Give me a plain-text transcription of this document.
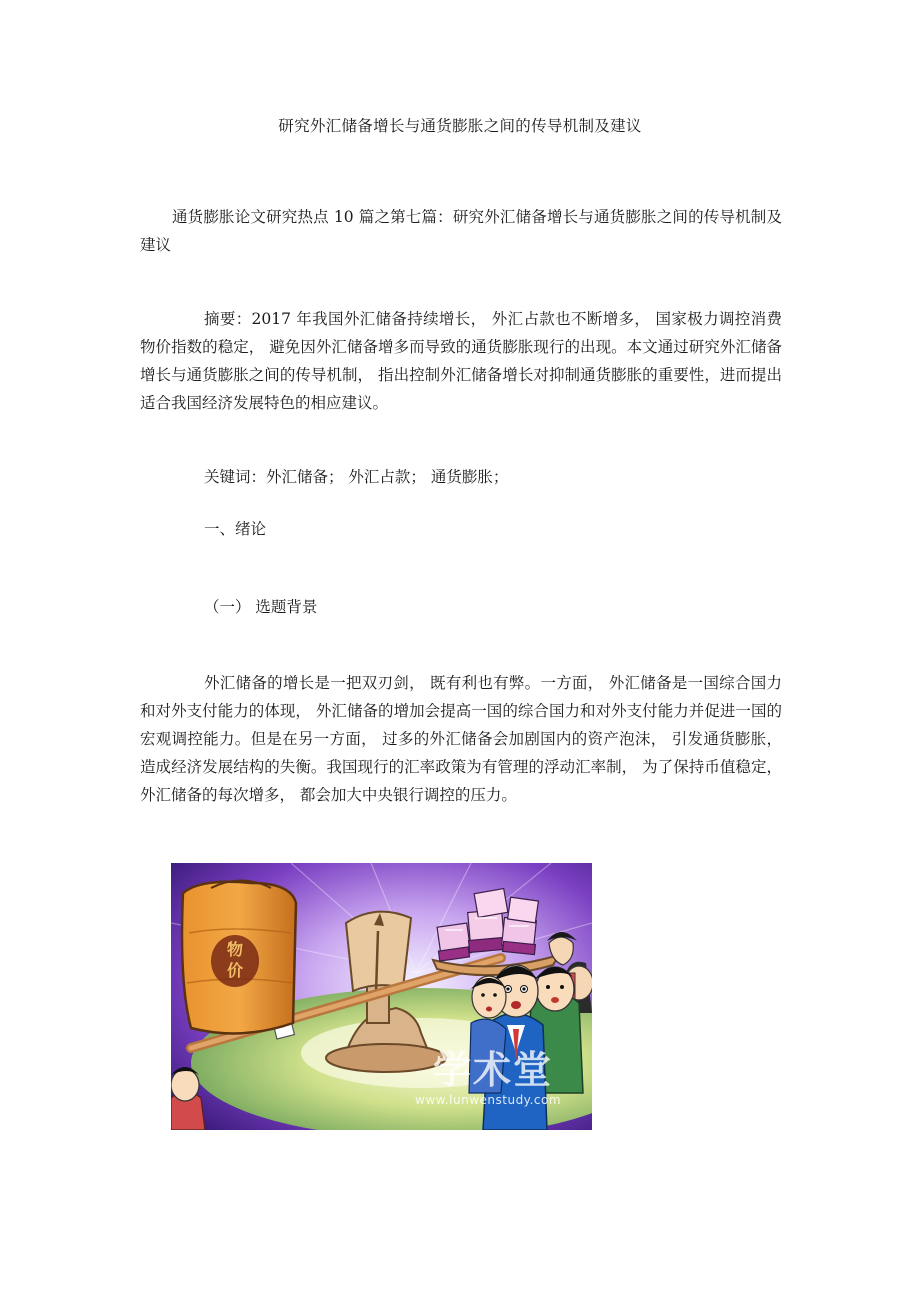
研究外汇储备增长与通货膨胀之间的传导机制及建议
通货膨胀论文研究热点 10 篇之第七篇：研究外汇储备增长与通货膨胀之间的传导机制及建议
摘要：2017 年我国外汇储备持续增长， 外汇占款也不断增多， 国家极力调控消费物价指数的稳定， 避免因外汇储备增多而导致的通货膨胀现行的出现。本文通过研究外汇储备增长与通货膨胀之间的传导机制， 指出控制外汇储备增长对抑制通货膨胀的重要性，进而提出适合我国经济发展特色的相应建议。
关键词：外汇储备； 外汇占款； 通货膨胀；
一、绪论
（一） 选题背景
外汇储备的增长是一把双刃剑， 既有利也有弊。一方面， 外汇储备是一国综合国力和对外支付能力的体现， 外汇储备的增加会提高一国的综合国力和对外支付能力并促进一国的宏观调控能力。但是在另一方面， 过多的外汇储备会加剧国内的资产泡沫， 引发通货膨胀， 造成经济发展结构的失衡。我国现行的汇率政策为有管理的浮动汇率制， 为了保持币值稳定， 外汇储备的每次增多， 都会加大中央银行调控的压力。
物
价
学术堂
www.lunwenstudy.com
